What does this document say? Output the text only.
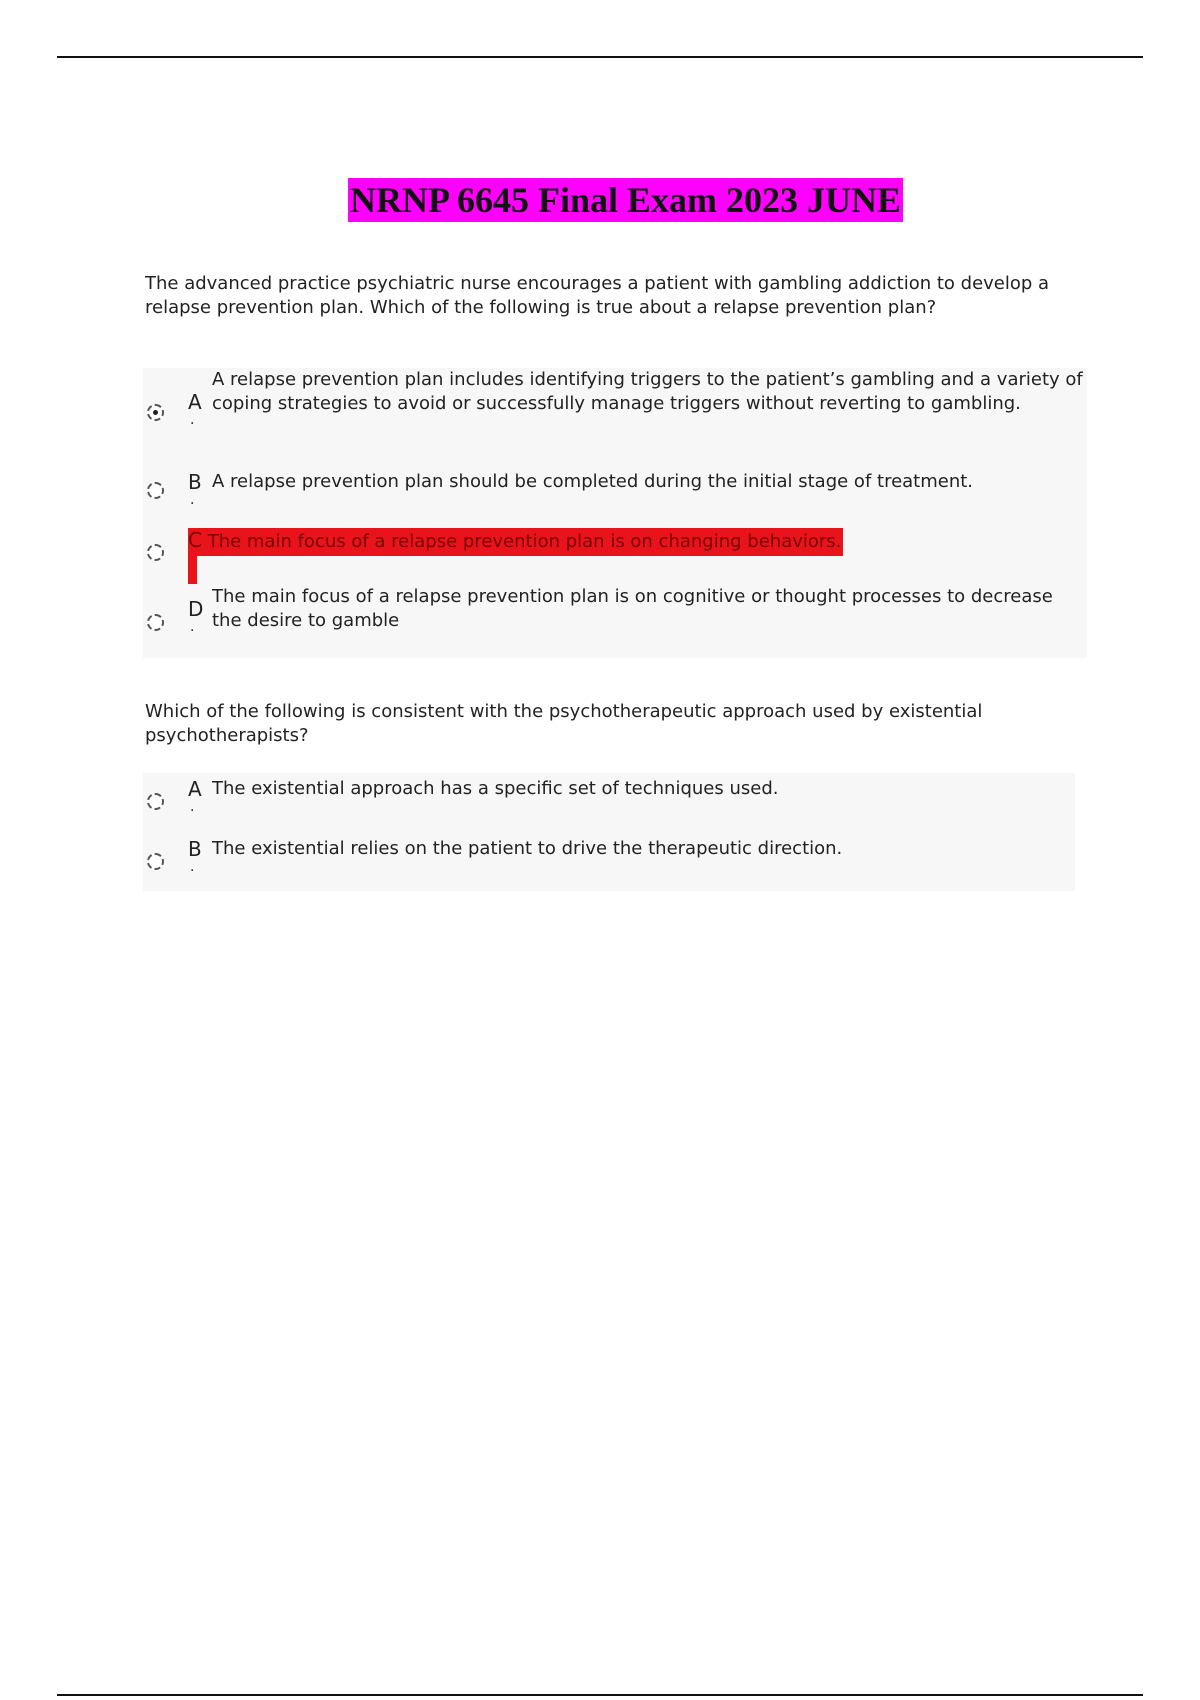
NRNP 6645 Final Exam 2023 JUNE
The advanced practice psychiatric nurse encourages a patient with gambling addiction to develop a relapse prevention plan. Which of the following is true about a relapse prevention plan?
A
.
A relapse prevention plan includes identifying triggers to the patient’s gambling and a variety of coping strategies to avoid or successfully manage triggers without reverting to gambling.
B
.
A relapse prevention plan should be completed during the initial stage of treatment.
C The main focus of a relapse prevention plan is on changing behaviors.
D
.
The main focus of a relapse prevention plan is on cognitive or thought processes to decrease the desire to gamble
Which of the following is consistent with the psychotherapeutic approach used by existential psychotherapists?
A
.
The existential approach has a specific set of techniques used.
B
.
The existential relies on the patient to drive the therapeutic direction.
